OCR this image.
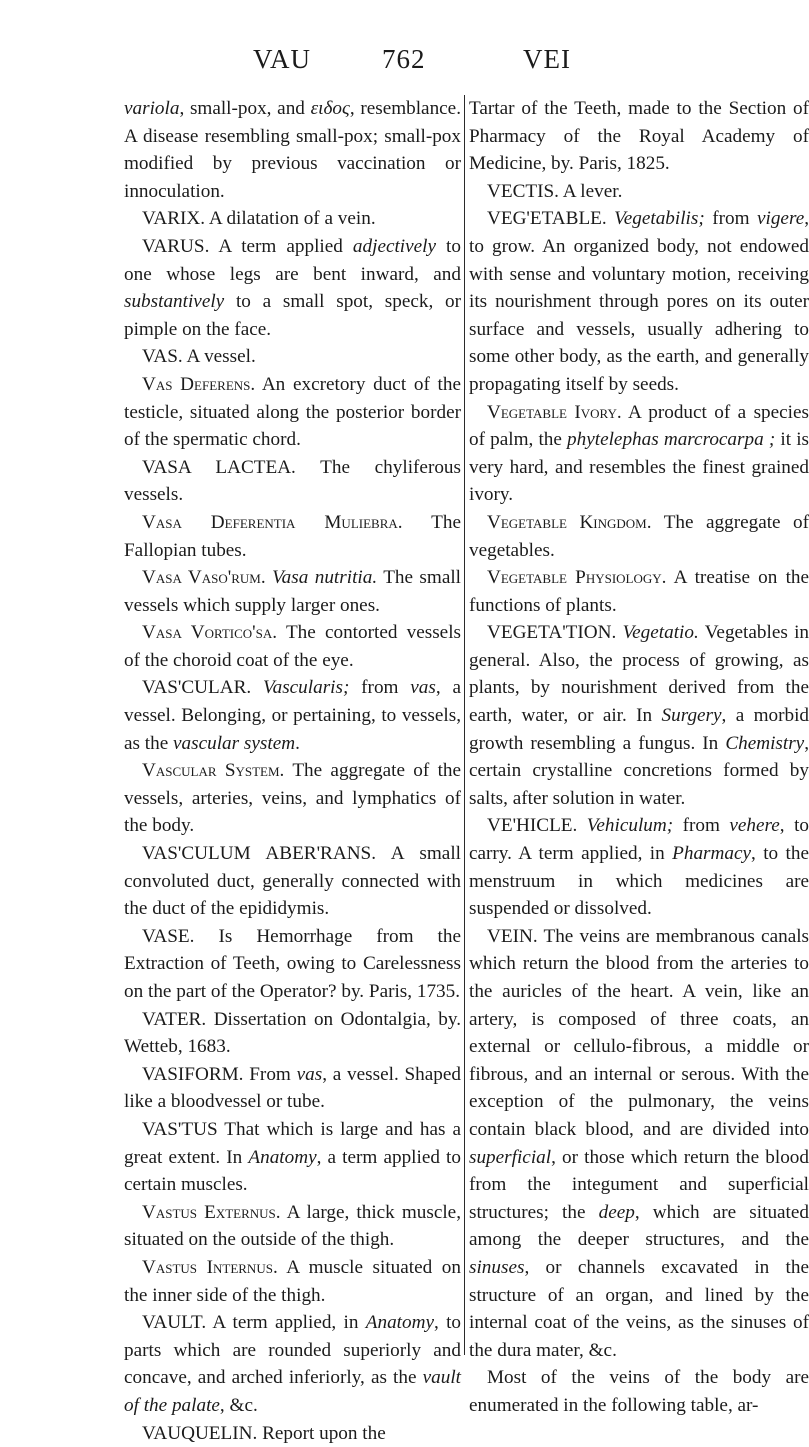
VAU	762	VEI

variola, small-pox, and ειδος, resemblance. A disease resembling small-pox; small-pox modified by previous vaccination or innoculation.

VARIX. A dilatation of a vein.

VARUS. A term applied adjectively to one whose legs are bent inward, and substantively to a small spot, speck, or pimple on the face.

VAS. A vessel.

Vas Deferens. An excretory duct of the testicle, situated along the posterior border of the spermatic chord.

VASA LACTEA. The chyliferous vessels.

Vasa Deferentia Muliebra. The Fallopian tubes.

Vasa Vaso'rum. Vasa nutritia. The small vessels which supply larger ones.

Vasa Vortico'sa. The contorted vessels of the choroid coat of the eye.

VAS'CULAR. Vascularis; from vas, a vessel. Belonging, or pertaining, to vessels, as the vascular system.

Vascular System. The aggregate of the vessels, arteries, veins, and lymphatics of the body.

VAS'CULUM ABER'RANS. A small convoluted duct, generally connected with the duct of the epididymis.

VASE. Is Hemorrhage from the Extraction of Teeth, owing to Carelessness on the part of the Operator? by. Paris, 1735.

VATER. Dissertation on Odontalgia, by. Wetteb, 1683.

VASIFORM. From vas, a vessel. Shaped like a bloodvessel or tube.

VAS'TUS That which is large and has a great extent. In Anatomy, a term applied to certain muscles.

Vastus Externus. A large, thick muscle, situated on the outside of the thigh.

Vastus Internus. A muscle situated on the inner side of the thigh.

VAULT. A term applied, in Anatomy, to parts which are rounded superiorly and concave, and arched inferiorly, as the vault of the palate, &c.

VAUQUELIN. Report upon the

Tartar of the Teeth, made to the Section of Pharmacy of the Royal Academy of Medicine, by. Paris, 1825.

VECTIS. A lever.

VEG'ETABLE. Vegetabilis; from vigere, to grow. An organized body, not endowed with sense and voluntary motion, receiving its nourishment through pores on its outer surface and vessels, usually adhering to some other body, as the earth, and generally propagating itself by seeds.

Vegetable Ivory. A product of a species of palm, the phytelephas marcrocarpa ; it is very hard, and resembles the finest grained ivory.

Vegetable Kingdom. The aggregate of vegetables.

Vegetable Physiology. A treatise on the functions of plants.

VEGETA'TION. Vegetatio. Vegetables in general. Also, the process of growing, as plants, by nourishment derived from the earth, water, or air. In Surgery, a morbid growth resembling a fungus. In Chemistry, certain crystalline concretions formed by salts, after solution in water.

VE'HICLE. Vehiculum; from vehere, to carry. A term applied, in Pharmacy, to the menstruum in which medicines are suspended or dissolved.

VEIN. The veins are membranous canals which return the blood from the arteries to the auricles of the heart. A vein, like an artery, is composed of three coats, an external or cellulo-fibrous, a middle or fibrous, and an internal or serous. With the exception of the pulmonary, the veins contain black blood, and are divided into superficial, or those which return the blood from the integument and superficial structures; the deep, which are situated among the deeper structures, and the sinuses, or channels excavated in the structure of an organ, and lined by the internal coat of the veins, as the sinuses of the dura mater, &c.

Most of the veins of the body are enumerated in the following table, ar-
